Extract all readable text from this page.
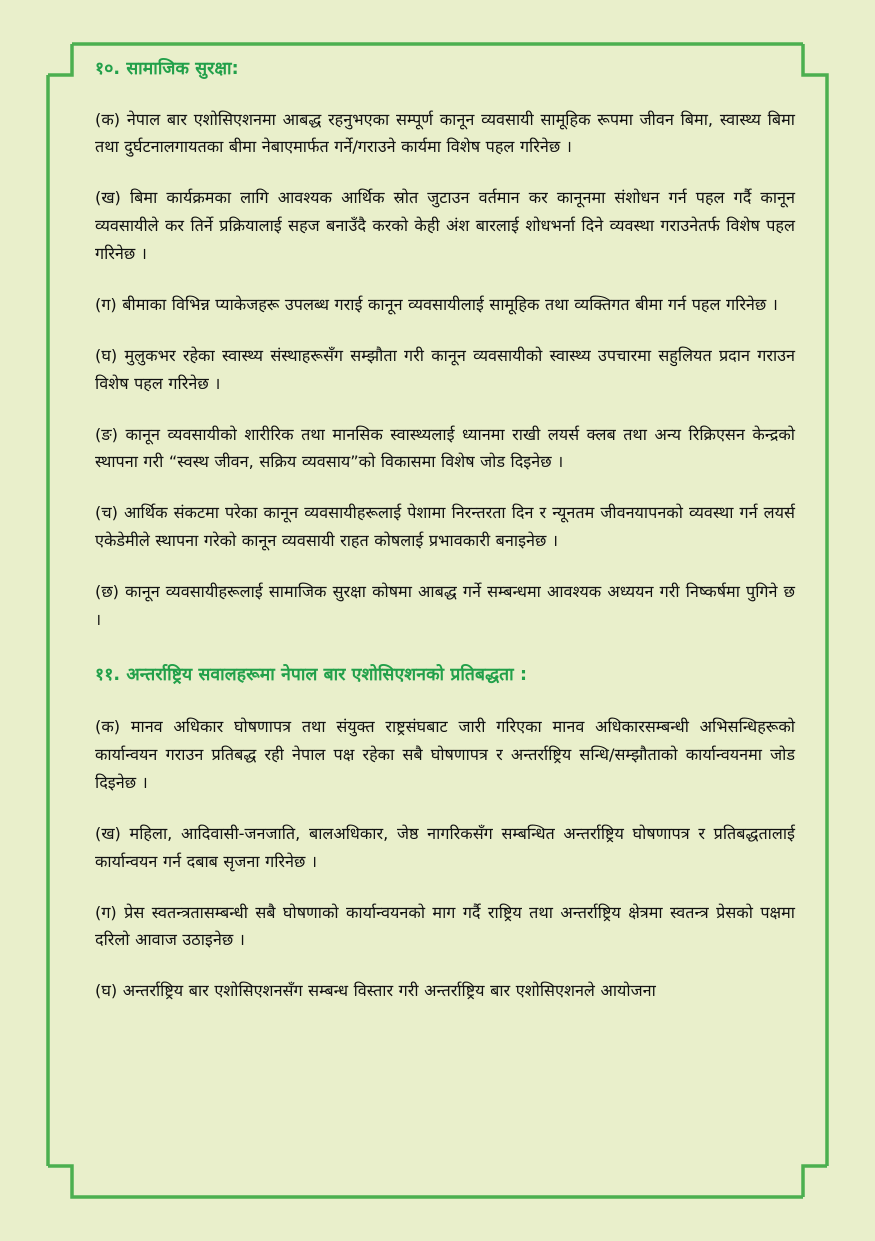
१०. सामाजिक सुरक्षा:

(क) नेपाल बार एशोसिएशनमा आबद्ध रहनुभएका सम्पूर्ण कानून व्यवसायी सामूहिक रूपमा जीवन बिमा, स्वास्थ्य बिमा तथा दुर्घटनालगायतका बीमा नेबाएमार्फत गर्ने/गराउने कार्यमा विशेष पहल गरिनेछ ।

(ख) बिमा कार्यक्रमका लागि आवश्यक आर्थिक स्रोत जुटाउन वर्तमान कर कानूनमा संशोधन गर्न पहल गर्दै कानून व्यवसायीले कर तिर्ने प्रक्रियालाई सहज बनाउँदै करको केही अंश बारलाई शोधभर्ना दिने व्यवस्था गराउनेतर्फ विशेष पहल गरिनेछ ।

(ग) बीमाका विभिन्न प्याकेजहरू उपलब्ध गराई कानून व्यवसायीलाई सामूहिक तथा व्यक्तिगत बीमा गर्न पहल गरिनेछ ।

(घ) मुलुकभर रहेका स्वास्थ्य संस्थाहरूसँग सम्झौता गरी कानून व्यवसायीको स्वास्थ्य उपचारमा सहुलियत प्रदान गराउन विशेष पहल गरिनेछ ।

(ङ) कानून व्यवसायीको शारीरिक तथा मानसिक स्वास्थ्यलाई ध्यानमा राखी लयर्स क्लब तथा अन्य रिक्रिएसन केन्द्रको स्थापना गरी “स्वस्थ जीवन, सक्रिय व्यवसाय”को विकासमा विशेष जोड दिइनेछ ।

(च) आर्थिक संकटमा परेका कानून व्यवसायीहरूलाई पेशामा निरन्तरता दिन र न्यूनतम जीवनयापनको व्यवस्था गर्न लयर्स एकेडेमीले स्थापना गरेको कानून व्यवसायी राहत कोषलाई प्रभावकारी बनाइनेछ ।

(छ) कानून व्यवसायीहरूलाई सामाजिक सुरक्षा कोषमा आबद्ध गर्ने सम्बन्धमा आवश्यक अध्ययन गरी निष्कर्षमा पुगिने छ ।

११. अन्तर्राष्ट्रिय सवालहरूमा नेपाल बार एशोसिएशनको प्रतिबद्धता :

(क) मानव अधिकार घोषणापत्र तथा संयुक्त राष्ट्रसंघबाट जारी गरिएका मानव अधिकारसम्बन्धी अभिसन्धिहरूको कार्यान्वयन गराउन प्रतिबद्ध रही नेपाल पक्ष रहेका सबै घोषणापत्र र अन्तर्राष्ट्रिय सन्धि/सम्झौताको कार्यान्वयनमा जोड दिइनेछ ।

(ख) महिला, आदिवासी-जनजाति, बालअधिकार, जेष्ठ नागरिकसँग सम्बन्धित अन्तर्राष्ट्रिय घोषणापत्र र प्रतिबद्धतालाई कार्यान्वयन गर्न दबाब सृजना गरिनेछ ।

(ग) प्रेस स्वतन्त्रतासम्बन्धी सबै घोषणाको कार्यान्वयनको माग गर्दै राष्ट्रिय तथा अन्तर्राष्ट्रिय क्षेत्रमा स्वतन्त्र प्रेसको पक्षमा दरिलो आवाज उठाइनेछ ।

(घ) अन्तर्राष्ट्रिय बार एशोसिएशनसँग सम्बन्ध विस्तार गरी अन्तर्राष्ट्रिय बार एशोसिएशनले आयोजना
